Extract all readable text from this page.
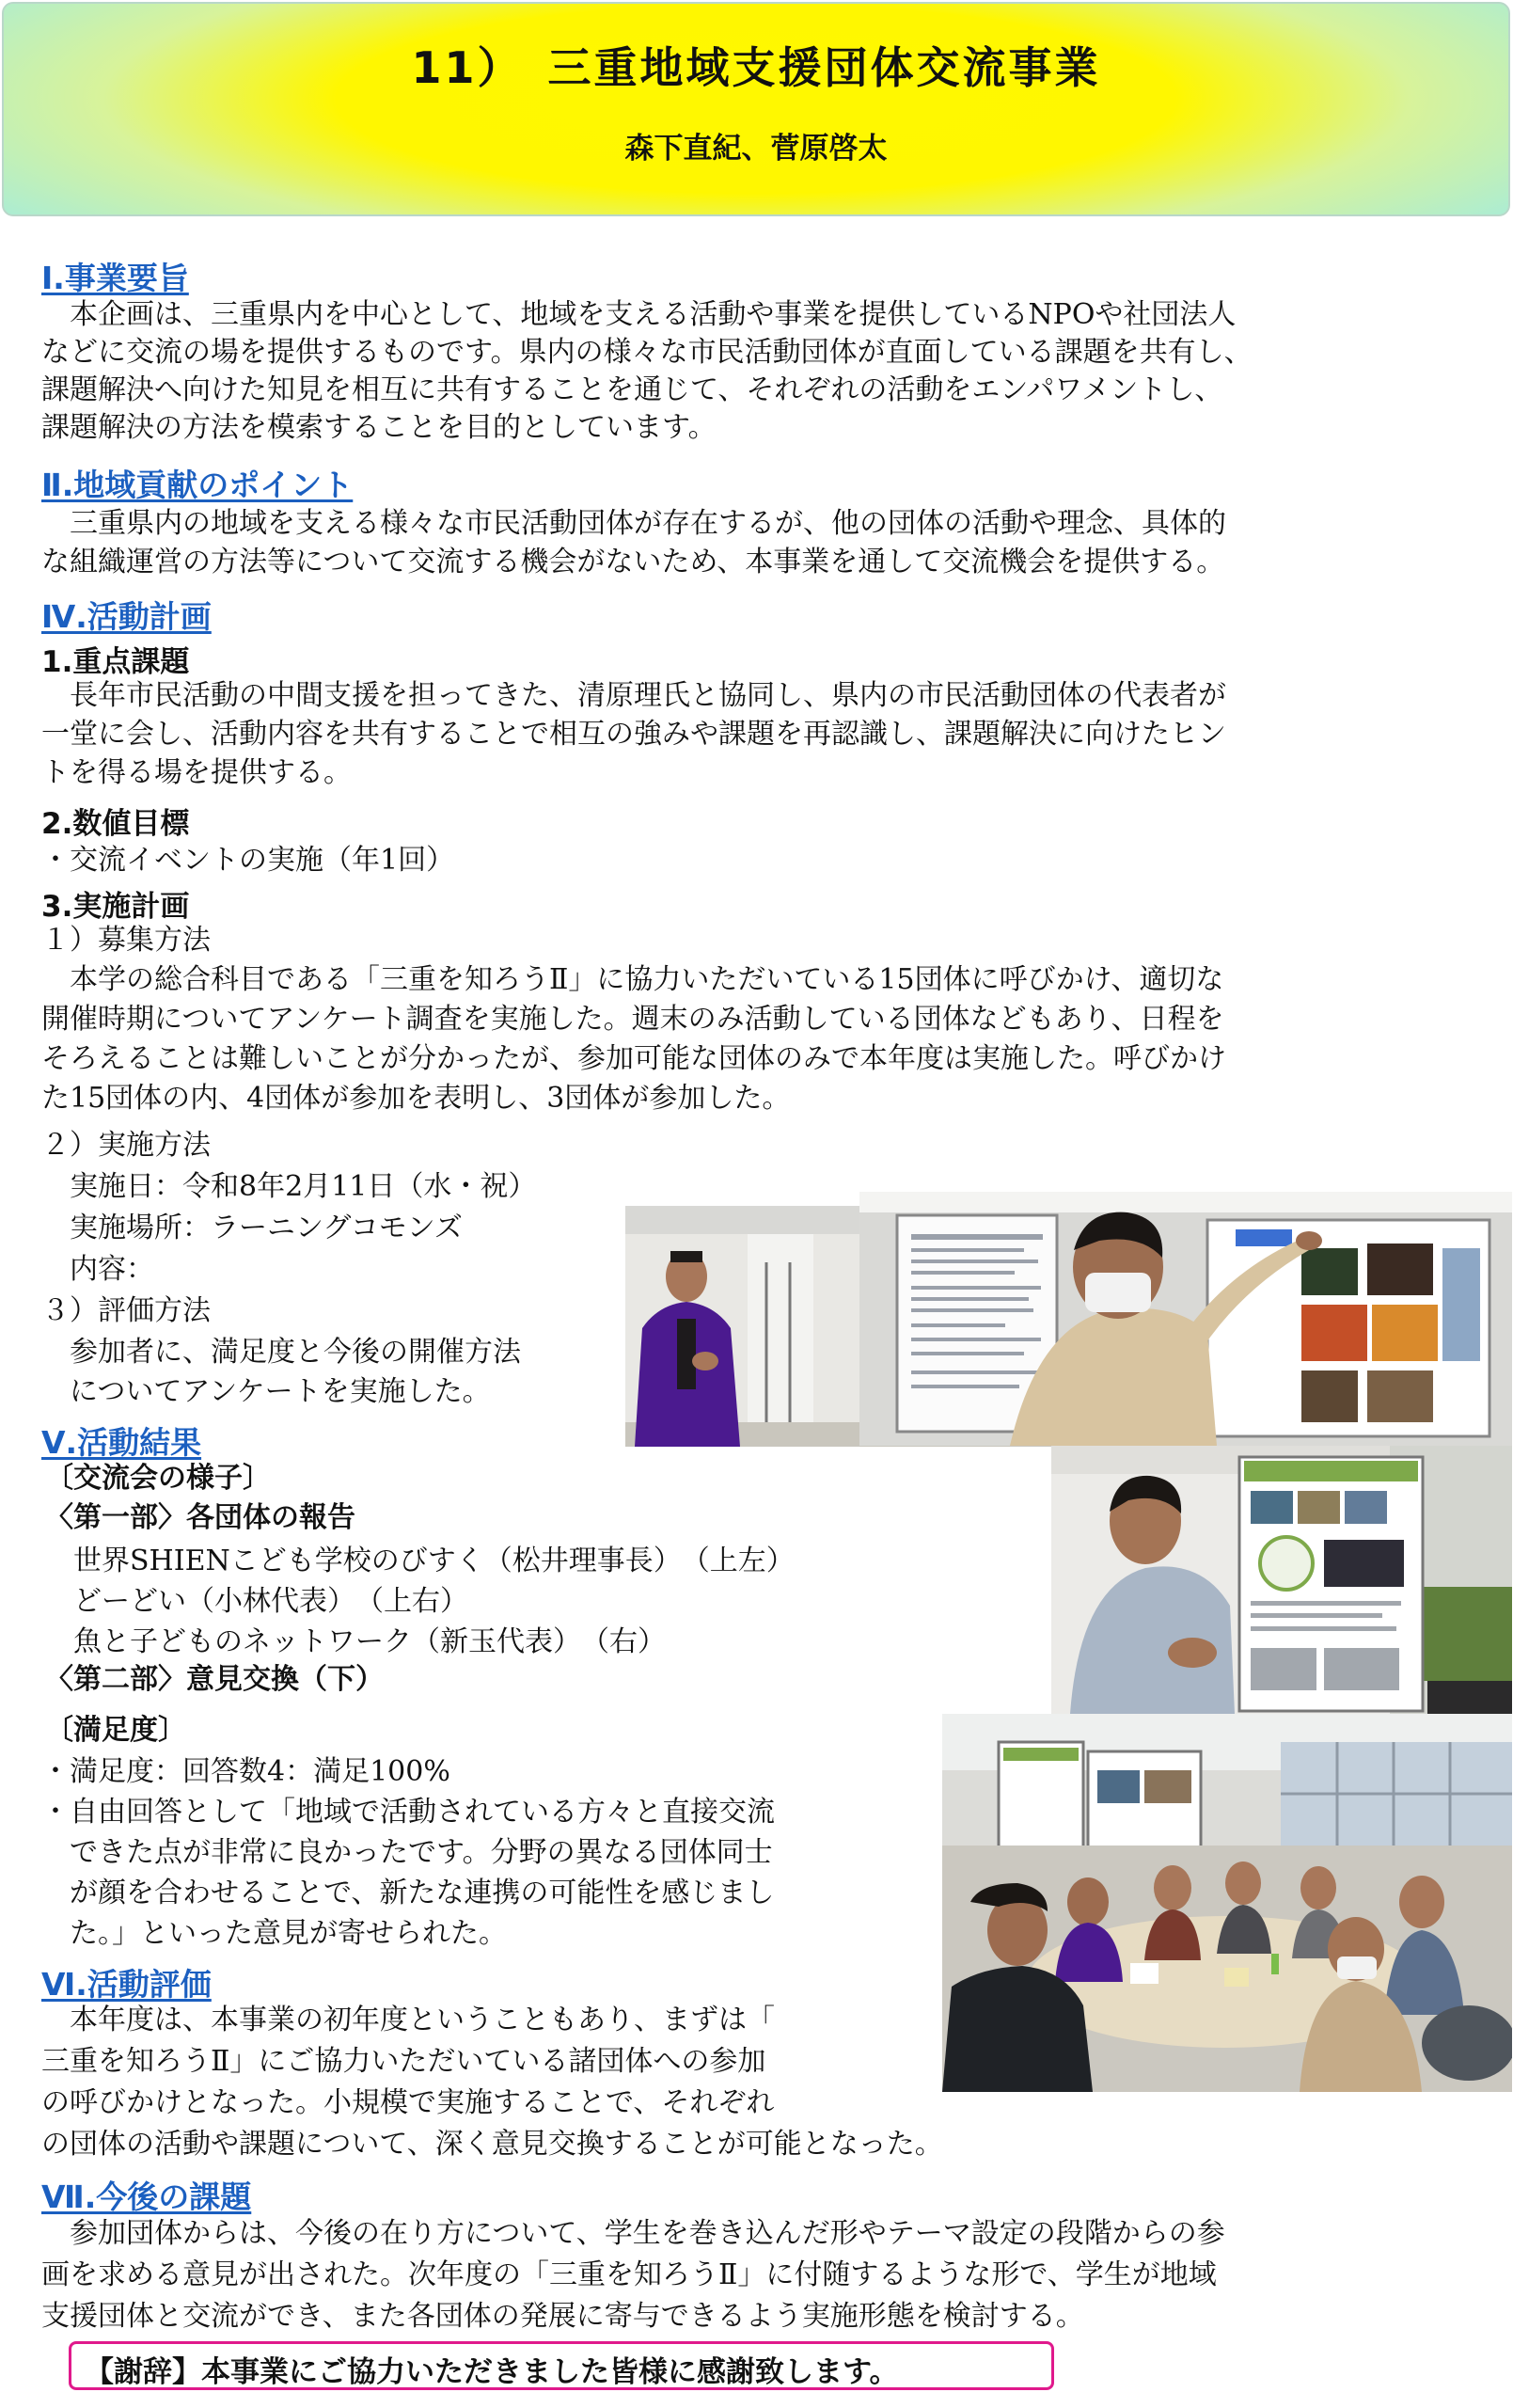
11）　三重地域支援団体交流事業
森下直紀、菅原啓太
Ⅰ.事業要旨
　本企画は、三重県内を中心として、地域を支える活動や事業を提供しているNPOや社団法人
などに交流の場を提供するものです。県内の様々な市民活動団体が直面している課題を共有し、
課題解決へ向けた知見を相互に共有することを通じて、それぞれの活動をエンパワメントし、
課題解決の方法を模索することを目的としています。
Ⅱ.地域貢献のポイント
　三重県内の地域を支える様々な市民活動団体が存在するが、他の団体の活動や理念、具体的
な組織運営の方法等について交流する機会がないため、本事業を通して交流機会を提供する。
Ⅳ.活動計画
1.重点課題
　長年市民活動の中間支援を担ってきた、清原理氏と協同し、県内の市民活動団体の代表者が
一堂に会し、活動内容を共有することで相互の強みや課題を再認識し、課題解決に向けたヒン
トを得る場を提供する。
2.数値目標
・交流イベントの実施（年1回）
3.実施計画
１）募集方法
　本学の総合科目である「三重を知ろうⅡ」に協力いただいている15団体に呼びかけ、適切な
開催時期についてアンケート調査を実施した。週末のみ活動している団体などもあり、日程を
そろえることは難しいことが分かったが、参加可能な団体のみで本年度は実施した。呼びかけ
た15団体の内、4団体が参加を表明し、3団体が参加した。
２）実施方法
　実施日：令和8年2月11日（水・祝）
　実施場所：ラーニングコモンズ
　内容：
３）評価方法
　参加者に、満足度と今後の開催方法
　についてアンケートを実施した。
Ⅴ.活動結果
〔交流会の様子〕
〈第一部〉各団体の報告
　世界SHIENこども学校のびすく（松井理事長）　（上左）
　どーどい（小林代表）　（上右）
　魚と子どものネットワーク（新玉代表）　（右）
〈第二部〉意見交換（下）
〔満足度〕
・満足度：回答数4：満足100%
・自由回答として「地域で活動されている方々と直接交流
　できた点が非常に良かったです。分野の異なる団体同士
　が顔を合わせることで、新たな連携の可能性を感じまし
　た。」といった意見が寄せられた。
Ⅵ.活動評価
　本年度は、本事業の初年度ということもあり、まずは「
三重を知ろうⅡ」にご協力いただいている諸団体への参加
の呼びかけとなった。小規模で実施することで、それぞれ
の団体の活動や課題について、深く意見交換することが可能となった。
Ⅶ.今後の課題
　参加団体からは、今後の在り方について、学生を巻き込んだ形やテーマ設定の段階からの参
画を求める意見が出された。次年度の「三重を知ろうⅡ」に付随するような形で、学生が地域
支援団体と交流ができ、また各団体の発展に寄与できるよう実施形態を検討する。
【謝辞】本事業にご協力いただきました皆様に感謝致します。
